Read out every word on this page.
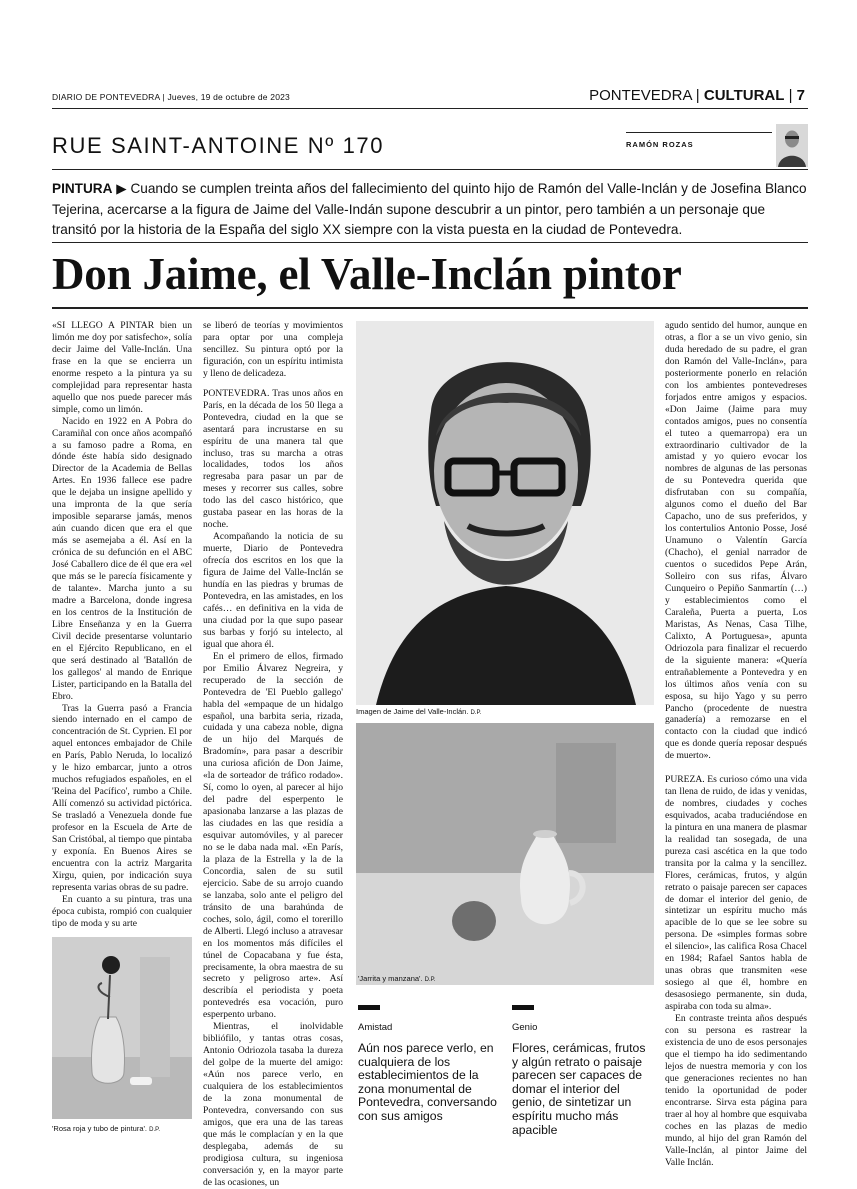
DIARIO DE PONTEVEDRA | Jueves, 19 de octubre de 2023	PONTEVEDRA | CULTURAL | 7
RUE SAINT-ANTOINE Nº 170	RAMÓN ROZAS
PINTURA ▶ Cuando se cumplen treinta años del fallecimiento del quinto hijo de Ramón del Valle-Inclán y de Josefina Blanco Tejerina, acercarse a la figura de Jaime del Valle-Indán supone descubrir a un pintor, pero también a un personaje que transitó por la historia de la España del siglo XX siempre con la vista puesta en la ciudad de Pontevedra.
Don Jaime, el Valle-Inclán pintor

«SI LLEGO A PINTAR bien un limón me doy por satisfecho», solía decir Jaime del Valle-Inclán. Una frase en la que se encierra un enorme respeto a la pintura ya su complejidad para representar hasta aquello que nos puede parecer más simple, como un limón.

Nacido en 1922 en A Pobra do Caramiñal con once años acompañó a su famoso padre a Roma, en dónde éste había sido designado Director de la Academia de Bellas Artes. En 1936 fallece ese padre que le dejaba un insigne apellido y una impronta de la que sería imposible separarse jamás, menos aún cuando dicen que era el que más se asemejaba a él. Así en la crónica de su defunción en el ABC José Caballero dice de él que era «el que más se le parecía físicamente y de talante». Marcha junto a su madre a Barcelona, donde ingresa en los centros de la Institución de Libre Enseñanza y en la Guerra Civil decide presentarse voluntario en el Ejército Republicano, en el que será destinado al 'Batallón de los gallegos' al mando de Enrique Lister, participando en la Batalla del Ebro.

Tras la Guerra pasó a Francia siendo internado en el campo de concentración de St. Cyprien. El por aquel entonces embajador de Chile en París, Pablo Neruda, lo localizó y le hizo embarcar, junto a otros muchos refugiados españoles, en el 'Reina del Pacífico', rumbo a Chile. Allí comenzó su actividad pictórica. Se trasladó a Venezuela donde fue profesor en la Escuela de Arte de San Cristóbal, al tiempo que pintaba y exponía. En Buenos Aires se encuentra con la actriz Margarita Xirgu, quien, por indicación suya representa varias obras de su padre.

En cuanto a su pintura, tras una época cubista, rompió con cualquier tipo de moda y su arte

se liberó de teorías y movimientos para optar por una compleja sencillez. Su pintura optó por la figuración, con un espíritu intimista y lleno de delicadeza.

PONTEVEDRA. Tras unos años en París, en la década de los 50 llega a Pontevedra, ciudad en la que se asentará para incrustarse en su espíritu de una manera tal que incluso, tras su marcha a otras localidades, todos los años regresaba para pasar un par de meses y recorrer sus calles, sobre todo las del casco histórico, que gustaba pasear en las horas de la noche.

Acompañando la noticia de su muerte, Diario de Pontevedra ofrecía dos escritos en los que la figura de Jaime del Valle-Inclán se hundía en las piedras y brumas de Pontevedra, en las amistades, en los cafés… en definitiva en la vida de una ciudad por la que supo pasear sus barbas y forjó su intelecto, al igual que ahora él.

En el primero de ellos, firmado por Emilio Álvarez Negreira, y recuperado de la sección de Pontevedra de 'El Pueblo gallego' habla del «empaque de un hidalgo español, una barbita seria, rizada, cuidada y una cabeza noble, digna de un hijo del Marqués de Bradomín», para pasar a describir una curiosa afición de Don Jaime, «la de sorteador de tráfico rodado». Sí, como lo oyen, al parecer al hijo del padre del esperpento le apasionaba lanzarse a las plazas de las ciudades en las que residía a esquivar automóviles, y al parecer no se le daba nada mal. «En París, la plaza de la Estrella y la de la Concordia, salen de su sutil ejercicio. Sabe de su arrojo cuando se lanzaba, solo ante el peligro del tránsito de una barahúnda de coches, solo, ágil, como el torerillo de Alberti. Llegó incluso a atravesar en los momentos más difíciles el túnel de Copacabana y fue ésta, precisamente, la obra maestra de su secreto y peligroso arte». Así describía el periodista y poeta pontevedrés esa vocación, puro esperpento urbano.

Mientras, el inolvidable bibliófilo, y tantas otras cosas, Antonio Odriozola tasaba la dureza del golpe de la muerte del amigo: «Aún nos parece verlo, en cualquiera de los establecimientos de la zona monumental de Pontevedra, conversando con sus amigos, que era una de las tareas que más le complacían y en la que desplegaba, además de su prodigiosa cultura, su ingeniosa conversación y, en la mayor parte de las ocasiones, un

Imagen de Jaime del Valle-Inclán. D.P.

agudo sentido del humor, aunque en otras, a flor a se un vivo genio, sin duda heredado de su padre, el gran don Ramón del Valle-Inclán», para posteriormente ponerlo en relación con los ambientes pontevedreses forjados entre amigos y espacios. «Don Jaime (Jaime para muy contados amigos, pues no consentía el tuteo a quemarropa) era un extraordinario cultivador de la amistad y yo quiero evocar los nombres de algunas de las personas de su Pontevedra querida que disfrutaban con su compañía, algunos como el dueño del Bar Capacho, uno de sus preferidos, y los contertulios Antonio Posse, José Unamuno o Valentín García (Chacho), el genial narrador de cuentos o sucedidos Pepe Arán, Solleiro con sus rifas, Álvaro Cunqueiro o Pepiño Sanmartín (…) y establecimientos como el Caraleña, Puerta a puerta, Los Maristas, As Nenas, Casa Tilhe, Calixto, A Portuguesa», apunta Odriozola para finalizar el recuerdo de la siguiente manera: «Quería entrañablemente a Pontevedra y en los últimos años venía con su esposa, su hijo Yago y su perro Pancho (procedente de nuestra ganadería) a remozarse en el contacto con la ciudad que indicó que es donde quería reposar después de muerto».

PUREZA. Es curioso cómo una vida tan llena de ruido, de idas y venidas, de nombres, ciudades y coches esquivados, acaba traduciéndose en la pintura en una manera de plasmar la realidad tan sosegada, de una pureza casi ascética en la que todo transita por la calma y la sencillez. Flores, cerámicas, frutos, y algún retrato o paisaje parecen ser capaces de domar el interior del genio, de sintetizar un espíritu mucho más apacible de lo que se lee sobre su persona. De «simples formas sobre el silencio», las califica Rosa Chacel en 1984; Rafael Santos habla de unas obras que transmiten «ese sosiego al que él, hombre en desasosiego permanente, sin duda, aspiraba con toda su alma».

En contraste treinta años después con su persona es rastrear la existencia de uno de esos personajes que el tiempo ha ido sedimentando lejos de nuestra memoria y con los que generaciones recientes no han tenido la oportunidad de poder encontrarse. Sirva esta página para traer al hoy al hombre que esquivaba coches en las plazas de medio mundo, al hijo del gran Ramón del Valle-Inclán, al pintor Jaime del Valle Inclán.

'Jarrita y manzana'. D.P.
Amistad
Aún nos parece verlo, en cualquiera de los establecimientos de la zona monumental de Pontevedra, conversando con sus amigos
Genio
Flores, cerámicas, frutos y algún retrato o paisaje parecen ser capaces de domar el interior del genio, de sintetizar un espíritu mucho más apacible
'Rosa roja y tubo de pintura'. D.P.
